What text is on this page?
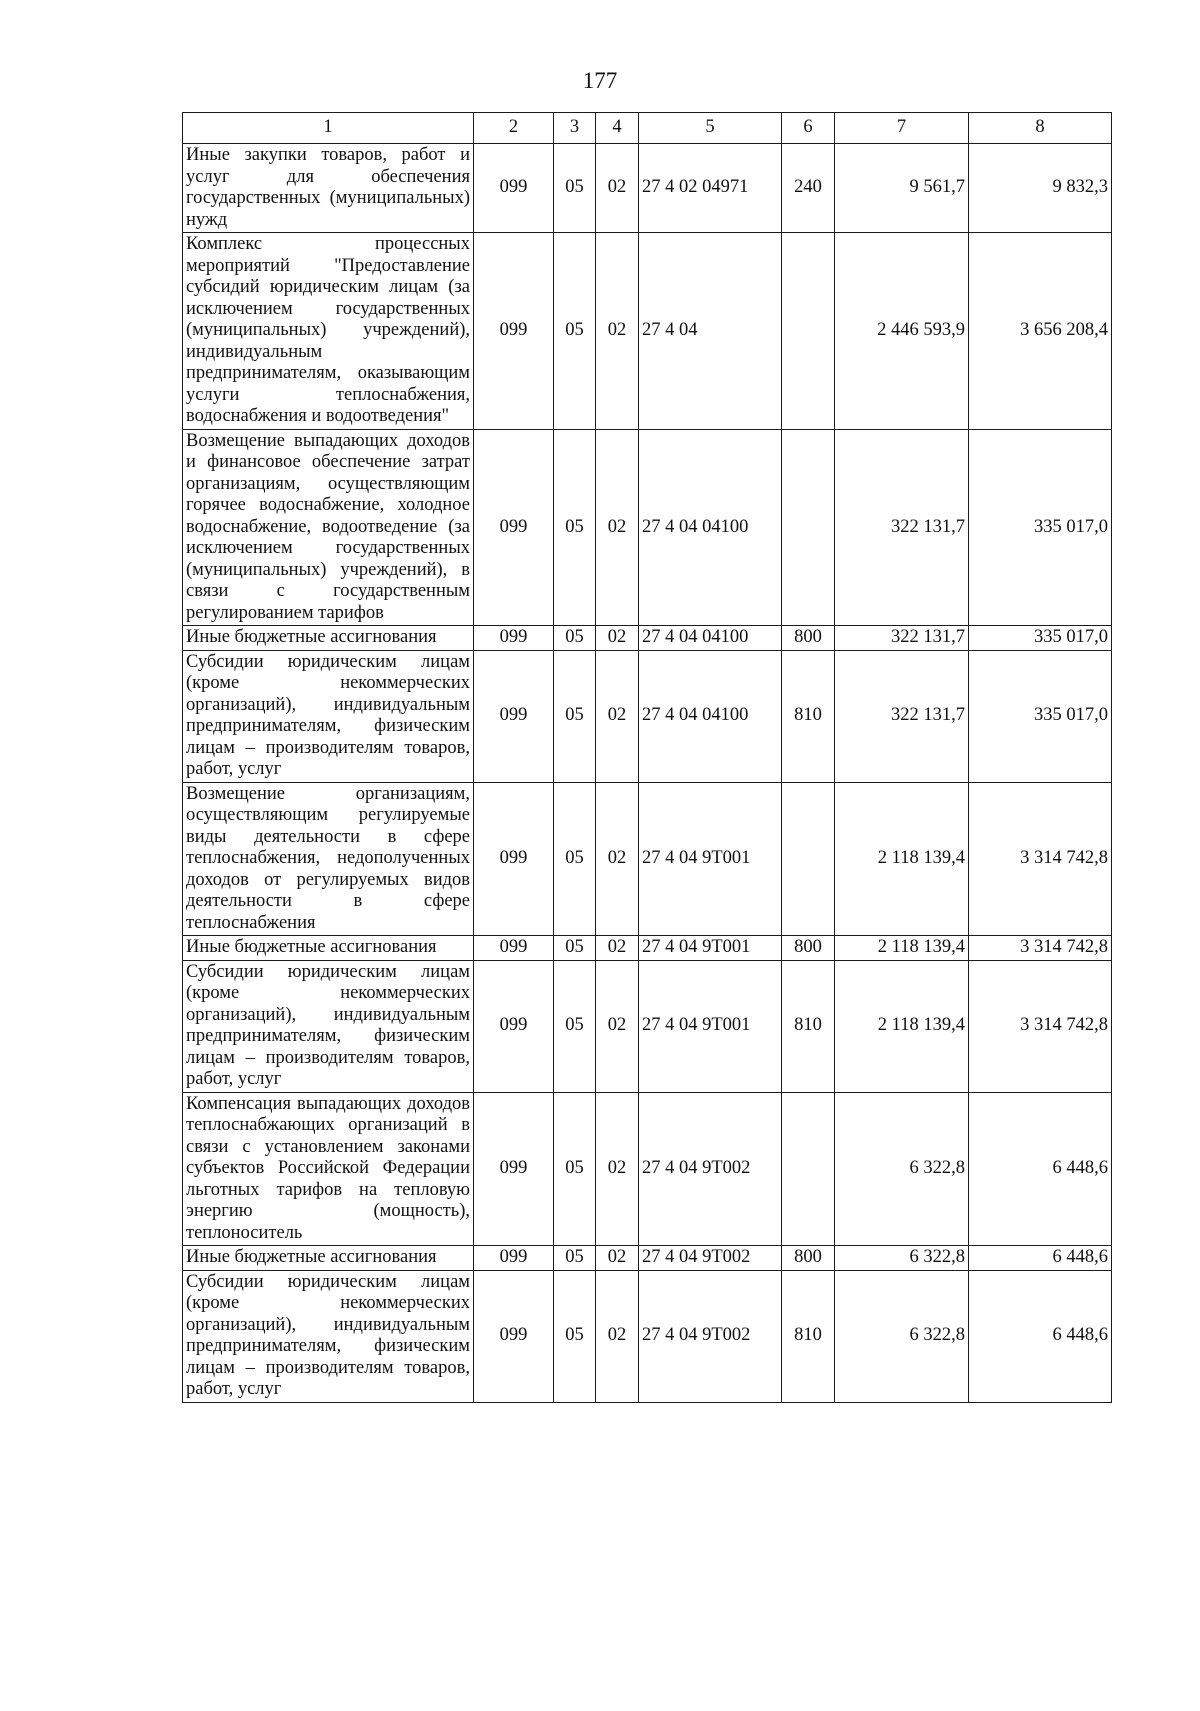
177
1	2	3	4	5	6	7	8
Иные закупки товаров, работ и услуг для обеспечения государственных (муниципальных) нужд	099	05	02	27 4 02 04971	240	9 561,7	9 832,3
Комплекс процессных мероприятий "Предоставление субсидий юридическим лицам (за исключением государственных (муниципальных) учреждений), индивидуальным предпринимателям, оказывающим услуги теплоснабжения, водоснабжения и водоотведения"	099	05	02	27 4 04		2 446 593,9	3 656 208,4
Возмещение выпадающих доходов и финансовое обеспечение затрат организациям, осуществляющим горячее водоснабжение, холодное водоснабжение, водоотведение (за исключением государственных (муниципальных) учреждений), в связи с государственным регулированием тарифов	099	05	02	27 4 04 04100		322 131,7	335 017,0
Иные бюджетные ассигнования	099	05	02	27 4 04 04100	800	322 131,7	335 017,0
Субсидии юридическим лицам (кроме некоммерческих организаций), индивидуальным предпринимателям, физическим лицам – производителям товаров, работ, услуг	099	05	02	27 4 04 04100	810	322 131,7	335 017,0
Возмещение организациям, осуществляющим регулируемые виды деятельности в сфере теплоснабжения, недополученных доходов от регулируемых видов деятельности в сфере теплоснабжения	099	05	02	27 4 04 9Т001		2 118 139,4	3 314 742,8
Иные бюджетные ассигнования	099	05	02	27 4 04 9Т001	800	2 118 139,4	3 314 742,8
Субсидии юридическим лицам (кроме некоммерческих организаций), индивидуальным предпринимателям, физическим лицам – производителям товаров, работ, услуг	099	05	02	27 4 04 9Т001	810	2 118 139,4	3 314 742,8
Компенсация выпадающих доходов теплоснабжающих организаций в связи с установлением законами субъектов Российской Федерации льготных тарифов на тепловую энергию (мощность), теплоноситель	099	05	02	27 4 04 9Т002		6 322,8	6 448,6
Иные бюджетные ассигнования	099	05	02	27 4 04 9Т002	800	6 322,8	6 448,6
Субсидии юридическим лицам (кроме некоммерческих организаций), индивидуальным предпринимателям, физическим лицам – производителям товаров, работ, услуг	099	05	02	27 4 04 9Т002	810	6 322,8	6 448,6
